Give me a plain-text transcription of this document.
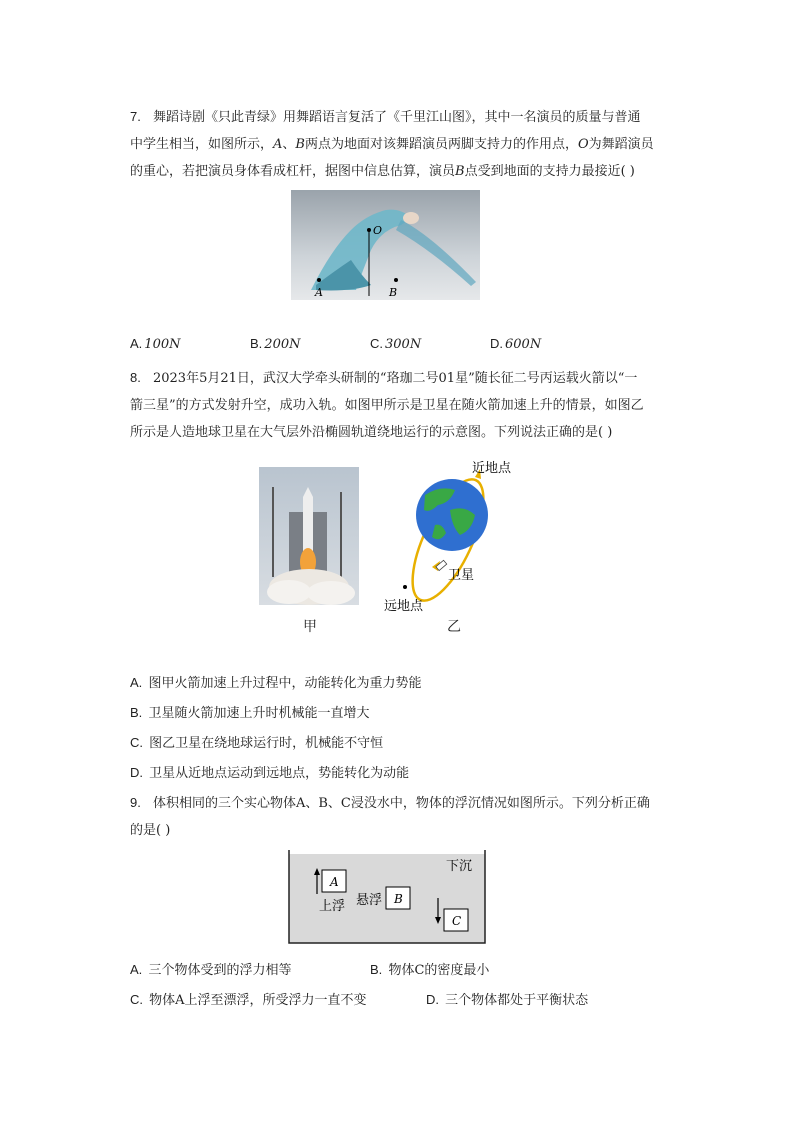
7. 舞蹈诗剧《只此青绿》用舞蹈语言复活了《千里江山图》，其中一名演员的质量与普通
中学生相当，如图所示，A、B两点为地面对该舞蹈演员两脚支持力的作用点，O为舞蹈演员
的重心，若把演员身体看成杠杆，据图中信息估算，演员B点受到地面的支持力最接近( )
O
A	B
A. 100N	B. 200N	C. 300N	D. 600N
8. 2023年5月21日，武汉大学牵头研制的“珞珈二号01星”随长征二号丙运载火箭以“一
箭三星”的方式发射升空，成功入轨。如图甲所示是卫星在随火箭加速上升的情景，如图乙
所示是人造地球卫星在大气层外沿椭圆轨道绕地运行的示意图。下列说法正确的是( )
近地点
卫星
远地点
甲	乙
A. 图甲火箭加速上升过程中，动能转化为重力势能
B. 卫星随火箭加速上升时机械能一直增大
C. 图乙卫星在绕地球运行时，机械能不守恒
D. 卫星从近地点运动到远地点，势能转化为动能
9. 体积相同的三个实心物体A、B、C浸没水中，物体的浮沉情况如图所示。下列分析正确
的是( )
A
上浮 悬浮 B
下沉
C
A. 三个物体受到的浮力相等	B. 物体C的密度最小
C. 物体A上浮至漂浮，所受浮力一直不变	D. 三个物体都处于平衡状态
